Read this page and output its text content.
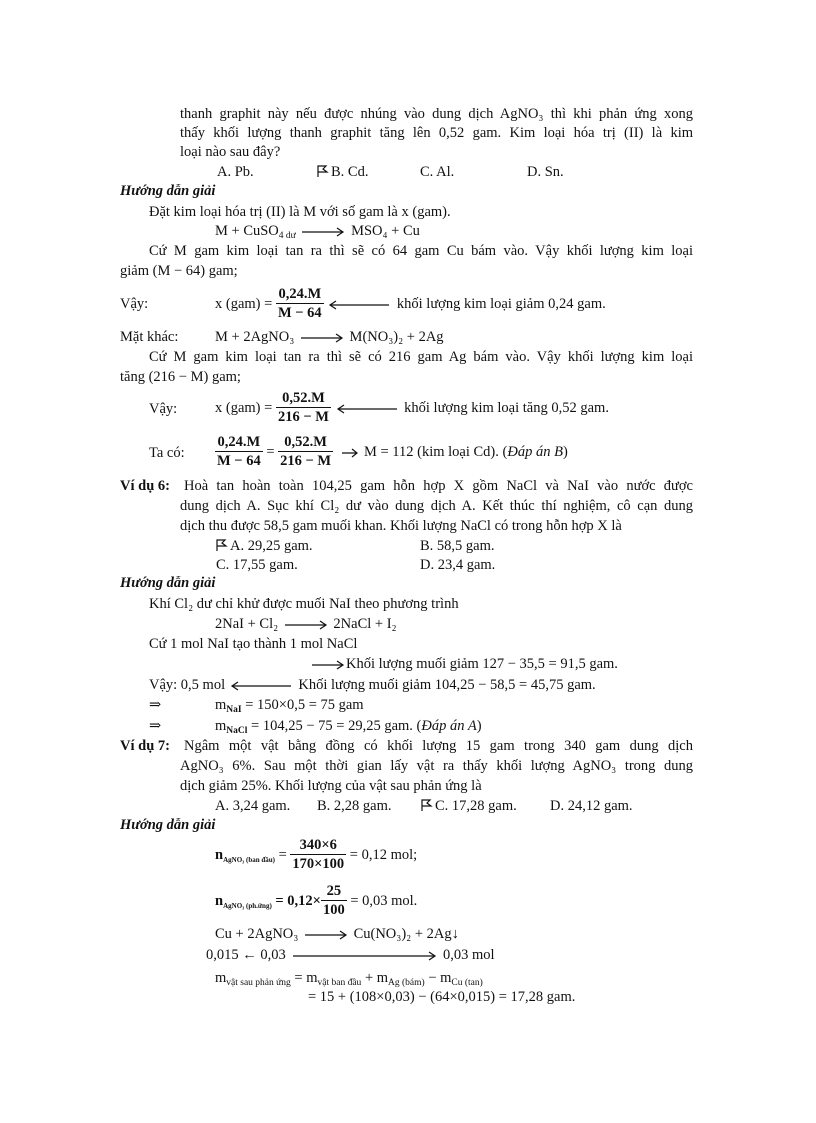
thanh graphit này nếu được nhúng vào dung dịch AgNO₃ thì khi phản ứng xong
thấy khối lượng thanh graphit tăng lên 0,52 gam. Kim loại hóa trị (II) là kim
loại nào sau đây?
A. Pb.	B. Cd.	C. Al.	D. Sn.
Hướng dẫn giải
Đặt kim loại hóa trị (II) là M với số gam là x (gam).
M + CuSO$_{4 dư}$ → MSO₄ + Cu
Cứ M gam kim loại tan ra thì sẽ có 64 gam Cu bám vào. Vậy khối lượng kim loại
giảm (M − 64) gam;
Vậy:	x $(gam) = \frac{0,24.M}{M - 64}$	khối lượng kim loại giảm 0,24 gam.
Mặt khác:	M + 2AgNO₃ → M(NO₃)₂ + 2Ag
Cứ M gam kim loại tan ra thì sẽ có 216 gam Ag bám vào. Vậy khối lượng kim loại
tăng (216 − M) gam;
Vậy:	x $(gam) = \frac{0,52.M}{216 - M}$	khối lượng kim loại tăng 0,52 gam.
Ta có: $\frac{0,24.M}{M - 64} = \frac{0,52.M}{216 - M}$ M = 112 (kim loại Cd). (Đáp án B)
Ví dụ 6: Hoà tan hoàn toàn 104,25 gam hỗn hợp X gồm NaCl và NaI vào nước được
dung dịch A. Sục khí Cl₂ dư vào dung dịch A. Kết thúc thí nghiệm, cô cạn dung
dịch thu được 58,5 gam muối khan. Khối lượng NaCl có trong hỗn hợp X là
A. 29,25 gam.	B. 58,5 gam.
C. 17,55 gam.	D. 23,4 gam.
Hướng dẫn giải
Khí Cl₂ dư chỉ khử được muối NaI theo phương trình
2NaI + Cl₂ → 2NaCl + I₂
Cứ 1 mol NaI tạo thành 1 mol NaCl
Khối lượng muối giảm 127 − 35,5 = 91,5 gam.
Vậy: 0,5 mol	Khối lượng muối giảm 104,25 − 58,5 = 45,75 gam.
⇒	$m_{NaI} = 150\times 0,5 = 75$ gam
⇒	$m_{NaCl} = 104,25 - 75 = 29,25$ gam. (Đáp án A)
Ví dụ 7: Ngâm một vật bằng đồng có khối lượng 15 gam trong 340 gam dung dịch
AgNO₃ 6%. Sau một thời gian lấy vật ra thấy khối lượng AgNO₃ trong dung
dịch giảm 25%. Khối lượng của vật sau phản ứng là
A. 3,24 gam. B. 2,28 gam.	C. 17,28 gam. D. 24,12 gam.
Hướng dẫn giải
$n_{AgNO_3 (ban đầu)} = \frac{340\times 6}{170\times 100} = 0,12$ mol;
$n_{AgNO_3 (ph.ứng)} = 0,12\times \frac{25}{100} = 0,03$ mol.
Cu + 2AgNO₃ → Cu(NO₃)₂ + 2Ag↓
0,015 ← 0,03	0,03 mol
$m_{vật sau phản ứng} = m_{vật ban đầu} + m_{Ag (bám)} - m_{Cu (tan)}$
= 15 + (108×0,03) − (64×0,015) = 17,28 gam.
